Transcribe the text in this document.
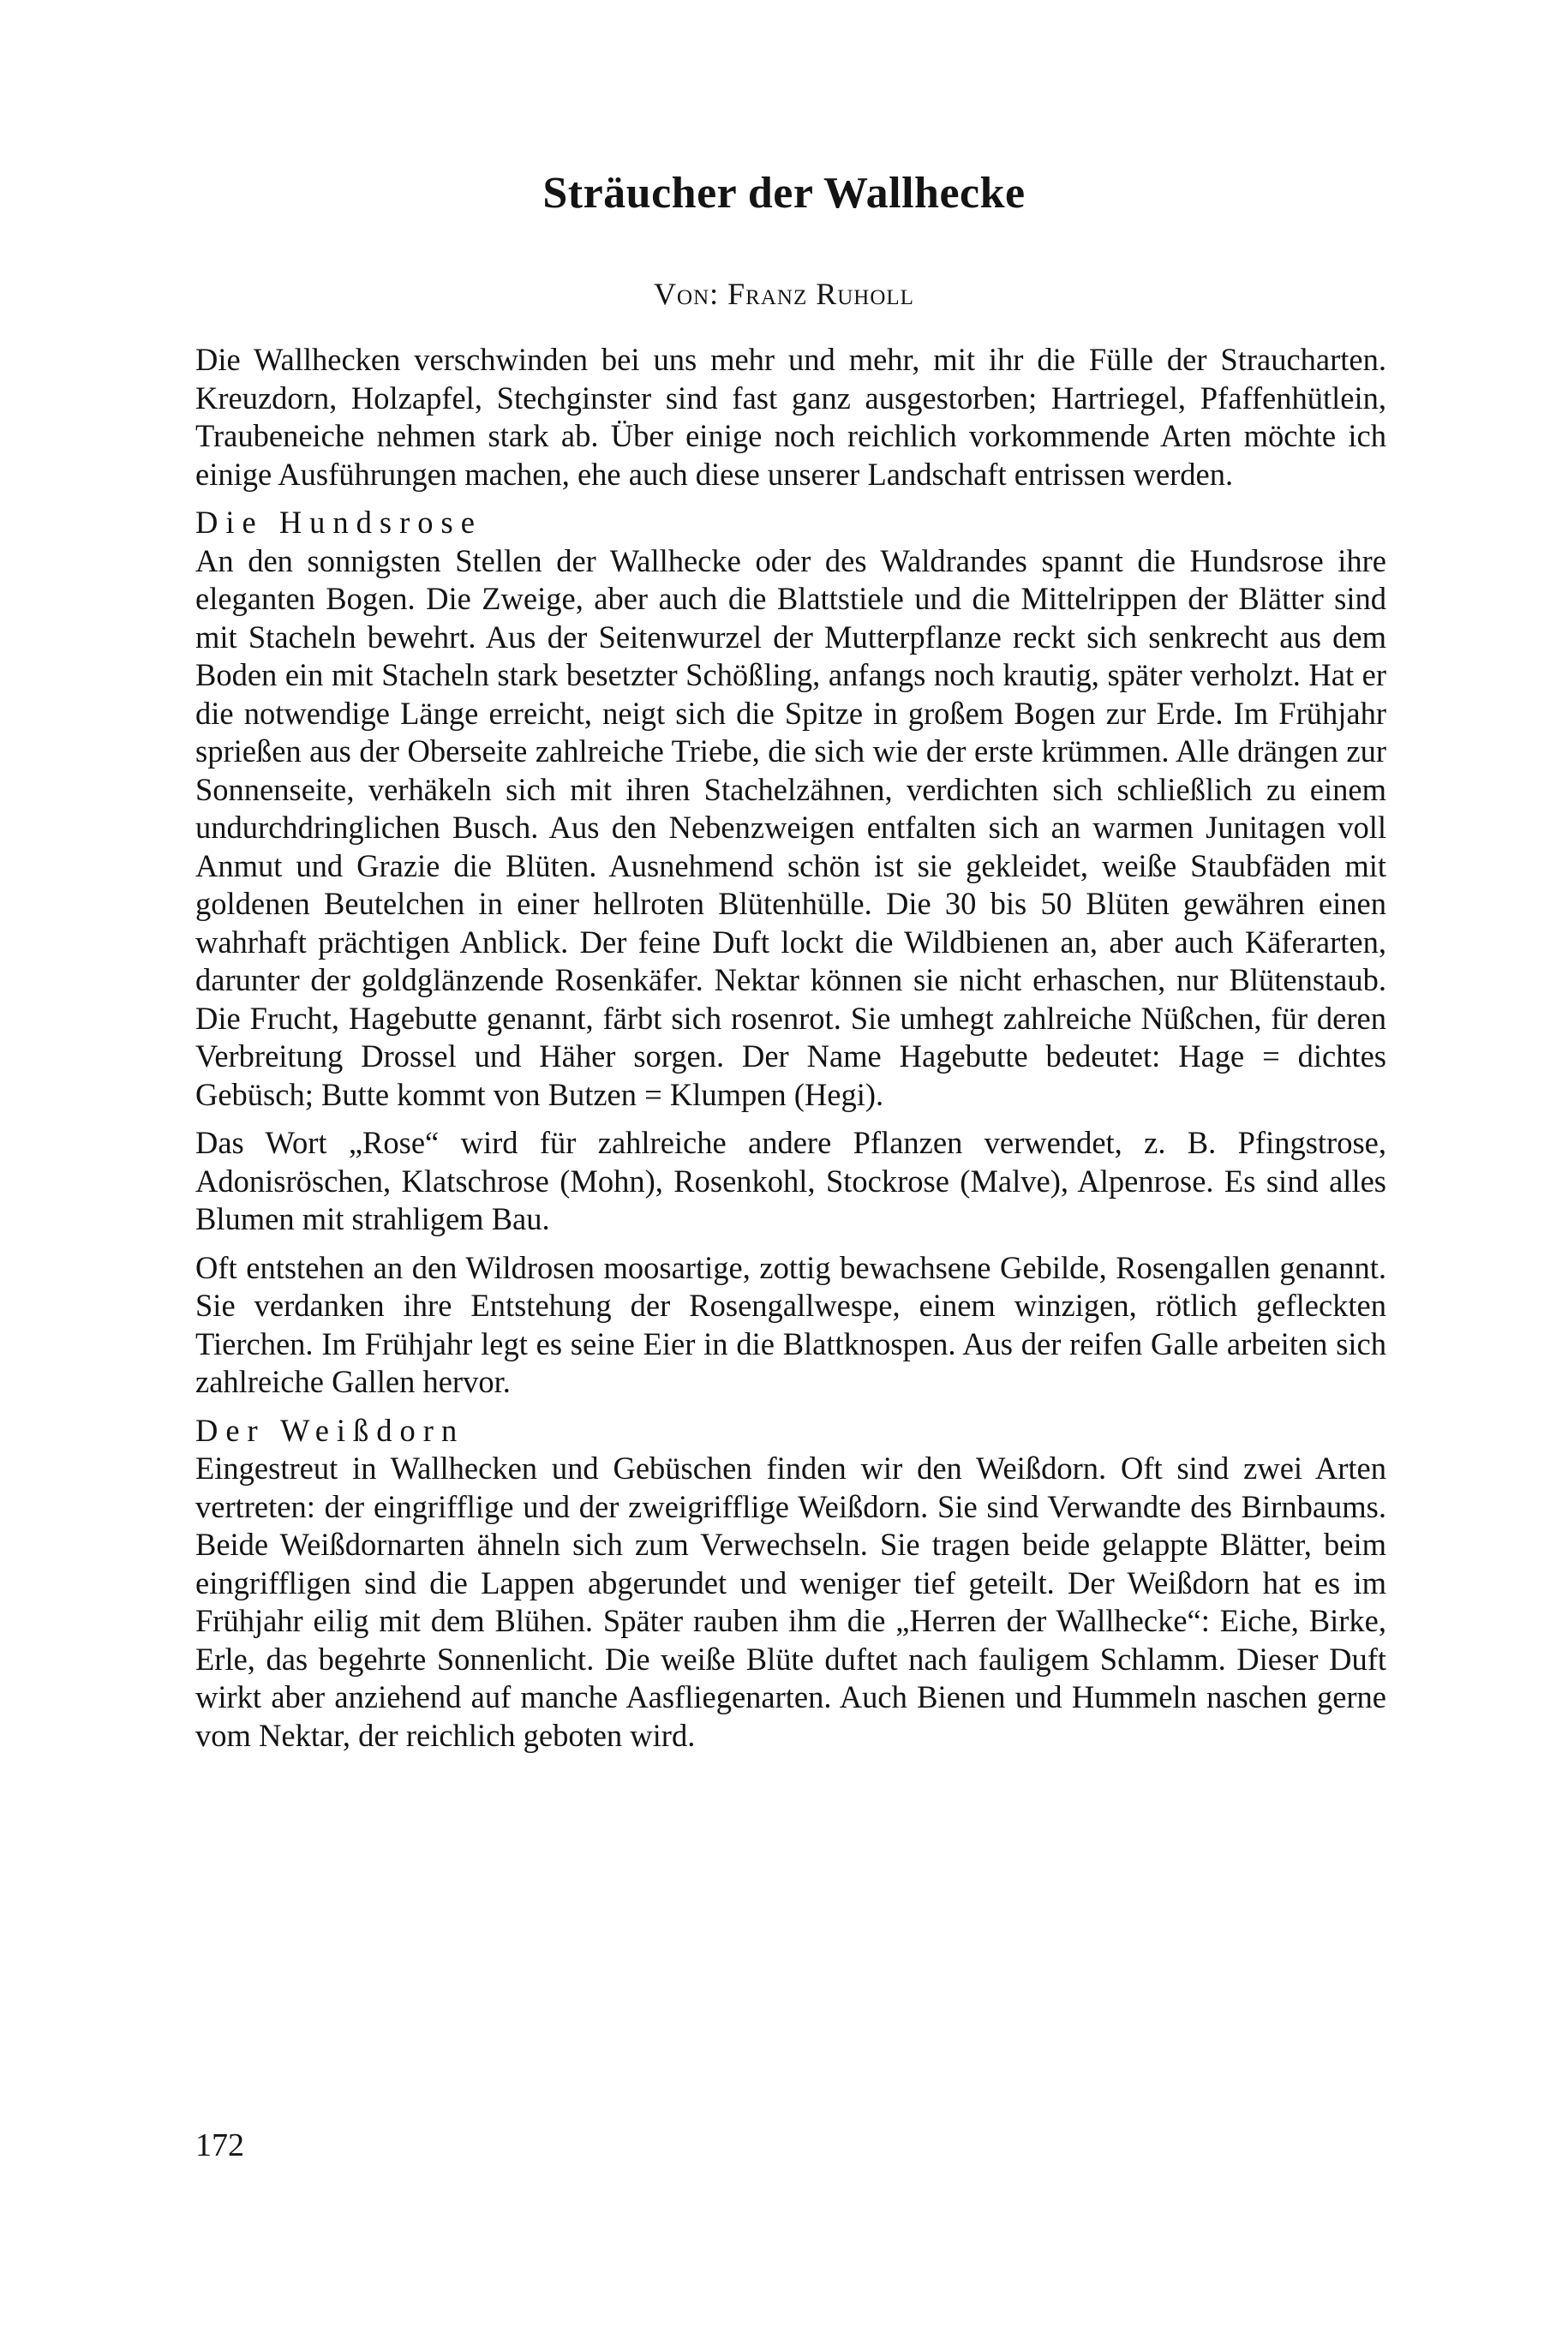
Sträucher der Wallhecke

Von: Franz Ruholl

Die Wallhecken verschwinden bei uns mehr und mehr, mit ihr die Fülle der Straucharten. Kreuzdorn, Holzapfel, Stechginster sind fast ganz ausgestorben; Hartriegel, Pfaffenhütlein, Traubeneiche nehmen stark ab. Über einige noch reichlich vorkommende Arten möchte ich einige Ausführungen machen, ehe auch diese unserer Landschaft entrissen werden.

Die Hundsrose

An den sonnigsten Stellen der Wallhecke oder des Waldrandes spannt die Hundsrose ihre eleganten Bogen. Die Zweige, aber auch die Blattstiele und die Mittelrippen der Blätter sind mit Stacheln bewehrt. Aus der Seitenwurzel der Mutterpflanze reckt sich senkrecht aus dem Boden ein mit Stacheln stark besetzter Schößling, anfangs noch krautig, später verholzt. Hat er die notwendige Länge erreicht, neigt sich die Spitze in großem Bogen zur Erde. Im Frühjahr sprießen aus der Oberseite zahlreiche Triebe, die sich wie der erste krümmen. Alle drängen zur Sonnenseite, verhäkeln sich mit ihren Stachelzähnen, verdichten sich schließlich zu einem undurchdringlichen Busch. Aus den Nebenzweigen entfalten sich an warmen Junitagen voll Anmut und Grazie die Blüten. Ausnehmend schön ist sie gekleidet, weiße Staubfäden mit goldenen Beutelchen in einer hellroten Blütenhülle. Die 30 bis 50 Blüten gewähren einen wahrhaft prächtigen Anblick. Der feine Duft lockt die Wildbienen an, aber auch Käferarten, darunter der goldglänzende Rosenkäfer. Nektar können sie nicht erhaschen, nur Blütenstaub. Die Frucht, Hagebutte genannt, färbt sich rosenrot. Sie umhegt zahlreiche Nüßchen, für deren Verbreitung Drossel und Häher sorgen. Der Name Hagebutte bedeutet: Hage = dichtes Gebüsch; Butte kommt von Butzen = Klumpen (Hegi).

Das Wort „Rose“ wird für zahlreiche andere Pflanzen verwendet, z. B. Pfingstrose, Adonisröschen, Klatschrose (Mohn), Rosenkohl, Stockrose (Malve), Alpenrose. Es sind alles Blumen mit strahligem Bau.

Oft entstehen an den Wildrosen moosartige, zottig bewachsene Gebilde, Rosengallen genannt. Sie verdanken ihre Entstehung der Rosengallwespe, einem winzigen, rötlich gefleckten Tierchen. Im Frühjahr legt es seine Eier in die Blattknospen. Aus der reifen Galle arbeiten sich zahlreiche Gallen hervor.

Der Weißdorn

Eingestreut in Wallhecken und Gebüschen finden wir den Weißdorn. Oft sind zwei Arten vertreten: der eingrifflige und der zweigrifflige Weißdorn. Sie sind Verwandte des Birnbaums. Beide Weißdornarten ähneln sich zum Verwechseln. Sie tragen beide gelappte Blätter, beim eingriffligen sind die Lappen abgerundet und weniger tief geteilt. Der Weißdorn hat es im Frühjahr eilig mit dem Blühen. Später rauben ihm die „Herren der Wallhecke“: Eiche, Birke, Erle, das begehrte Sonnenlicht. Die weiße Blüte duftet nach fauligem Schlamm. Dieser Duft wirkt aber anziehend auf manche Aasfliegenarten. Auch Bienen und Hummeln naschen gerne vom Nektar, der reichlich geboten wird.

172
